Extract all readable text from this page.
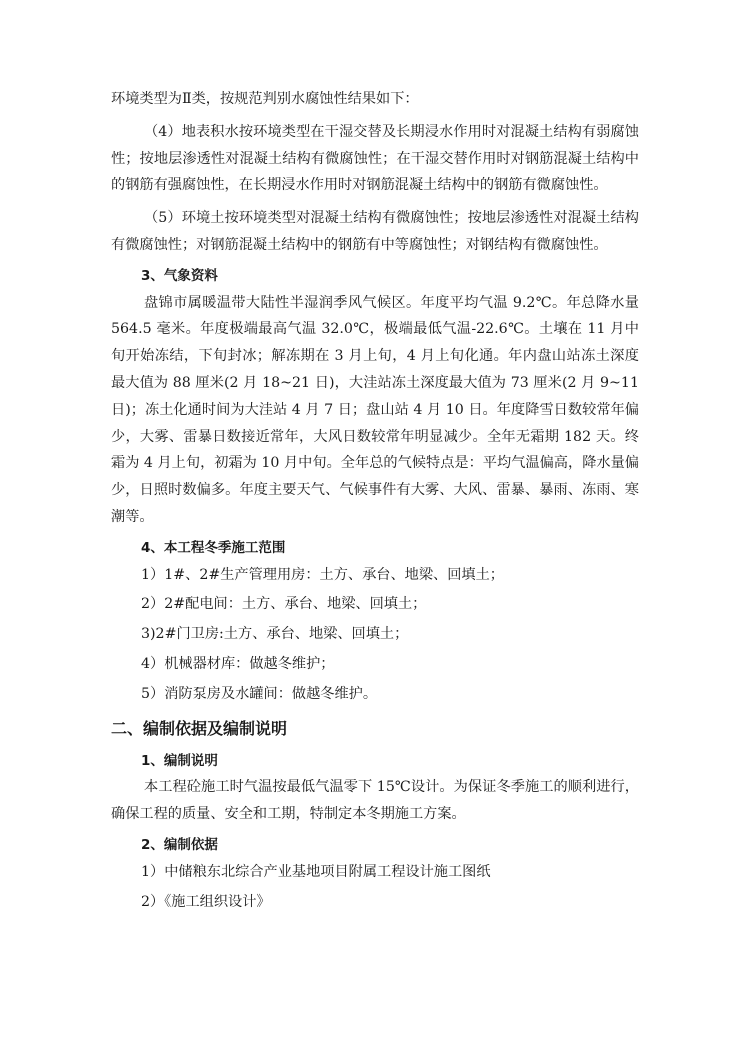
环境类型为Ⅱ类，按规范判别水腐蚀性结果如下：

（4）地表积水按环境类型在干湿交替及长期浸水作用时对混凝土结构有弱腐蚀性；按地层渗透性对混凝土结构有微腐蚀性；在干湿交替作用时对钢筋混凝土结构中的钢筋有强腐蚀性，在长期浸水作用时对钢筋混凝土结构中的钢筋有微腐蚀性。

（5）环境土按环境类型对混凝土结构有微腐蚀性；按地层渗透性对混凝土结构有微腐蚀性；对钢筋混凝土结构中的钢筋有中等腐蚀性；对钢结构有微腐蚀性。

3、气象资料

盘锦市属暖温带大陆性半湿润季风气候区。年度平均气温 9.2℃。年总降水量 564.5 毫米。年度极端最高气温 32.0℃，极端最低气温-22.6℃。土壤在 11 月中旬开始冻结，下旬封冰；解冻期在 3 月上旬，4 月上旬化通。年内盘山站冻土深度最大值为 88 厘米(2 月 18~21 日)，大洼站冻土深度最大值为 73 厘米(2 月 9~11 日)；冻土化通时间为大洼站 4 月 7 日；盘山站 4 月 10 日。年度降雪日数较常年偏少，大雾、雷暴日数接近常年，大风日数较常年明显减少。全年无霜期 182 天。终霜为 4 月上旬，初霜为 10 月中旬。全年总的气候特点是：平均气温偏高，降水量偏少，日照时数偏多。年度主要天气、气候事件有大雾、大风、雷暴、暴雨、冻雨、寒潮等。

4、本工程冬季施工范围

1）1#、2#生产管理用房：土方、承台、地梁、回填土；

2）2#配电间：土方、承台、地梁、回填土；

3)2#门卫房:土方、承台、地梁、回填土；

4）机械器材库：做越冬维护；

5）消防泵房及水罐间：做越冬维护。

二、编制依据及编制说明
1、编制说明

本工程砼施工时气温按最低气温零下 15℃设计。为保证冬季施工的顺利进行，确保工程的质量、安全和工期，特制定本冬期施工方案。

2、编制依据

1）中储粮东北综合产业基地项目附属工程设计施工图纸

2）《施工组织设计》
